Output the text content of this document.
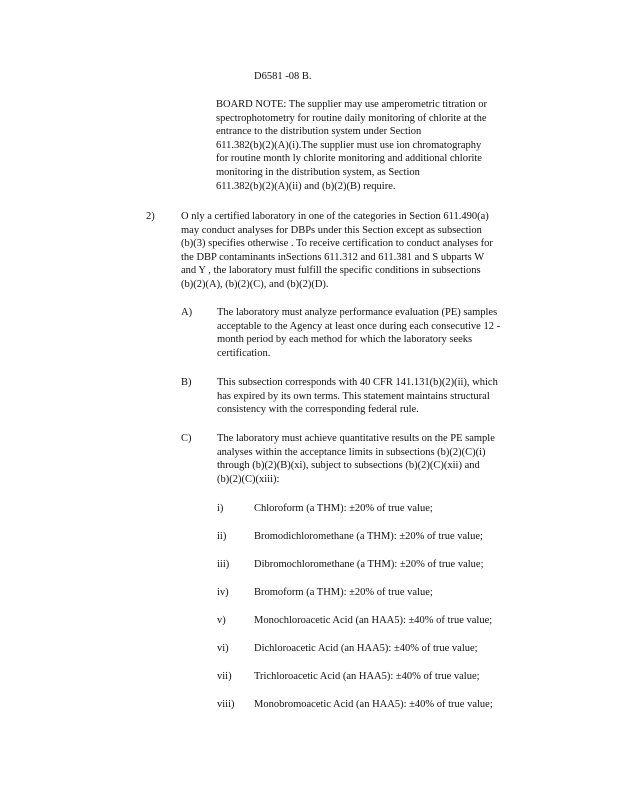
D6581 -08 B.
BOARD NOTE: The supplier may use amperometric titration or
spectrophotometry for routine daily monitoring of chlorite at the
entrance to the distribution system under Section
611.382(b)(2)(A)(i).The supplier must use ion chromatography
for routine month ly chlorite monitoring and additional chlorite
monitoring in the distribution system, as Section
611.382(b)(2)(A)(ii) and (b)(2)(B) require.
2)	O nly a certified laboratory in one of the categories in Section 611.490(a)
may conduct analyses for DBPs under this Section except as subsection
(b)(3) specifies otherwise . To receive certification to conduct analyses for
the DBP contaminants inSections 611.312 and 611.381 and S ubparts W
and Y , the laboratory must fulfill the specific conditions in subsections
(b)(2)(A), (b)(2)(C), and (b)(2)(D).
A) The laboratory must analyze performance evaluation (PE) samples
acceptable to the Agency at least once during each consecutive 12 -
month period by each method for which the laboratory seeks
certification.
B) This subsection corresponds with 40 CFR 141.131(b)(2)(ii), which
has expired by its own terms. This statement maintains structural
consistency with the corresponding federal rule.
C) The laboratory must achieve quantitative results on the PE sample
analyses within the acceptance limits in subsections (b)(2)(C)(i)
through (b)(2)(B)(xi), subject to subsections (b)(2)(C)(xii) and
(b)(2)(C)(xiii):
i)	Chloroform (a THM): ±20% of true value;
ii)	Bromodichloromethane (a THM): ±20% of true value;
iii) Dibromochloromethane (a THM): ±20% of true value;
iv) Bromoform (a THM): ±20% of true value;
v)	Monochloroacetic Acid (an HAA5): ±40% of true value;
vi) Dichloroacetic Acid (an HAA5): ±40% of true value;
vii) Trichloroacetic Acid (an HAA5): ±40% of true value;
viii) Monobromoacetic Acid (an HAA5): ±40% of true value;
